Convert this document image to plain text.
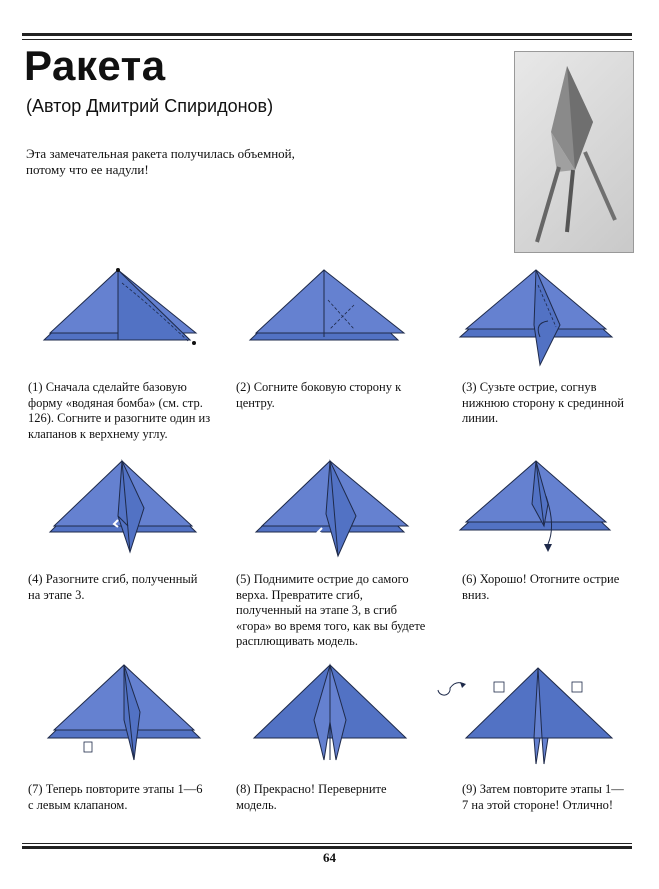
Ракета
(Автор Дмитрий Спиридонов)
Эта замечательная ракета получилась объемной, потому что ее надули!
(1) Сначала сделайте базовую форму «водяная бомба» (см. стр. 126). Согните и разогните один из клапанов к верхнему углу.
(2) Согните боковую сторону к центру.
(3) Сузьте острие, согнув нижнюю сторону к срединной линии.
(4) Разогните сгиб, полученный на этапе 3.
(5) Поднимите острие до самого верха. Превратите сгиб, полученный на этапе 3, в сгиб «гора» во время того, как вы будете расплющивать модель.
(6) Хорошо! Отогните острие вниз.
(7) Теперь повторите этапы 1—6 с левым клапаном.
(8) Прекрасно! Переверните модель.
(9) Затем повторите этапы 1—7 на этой стороне! Отлично!
64
